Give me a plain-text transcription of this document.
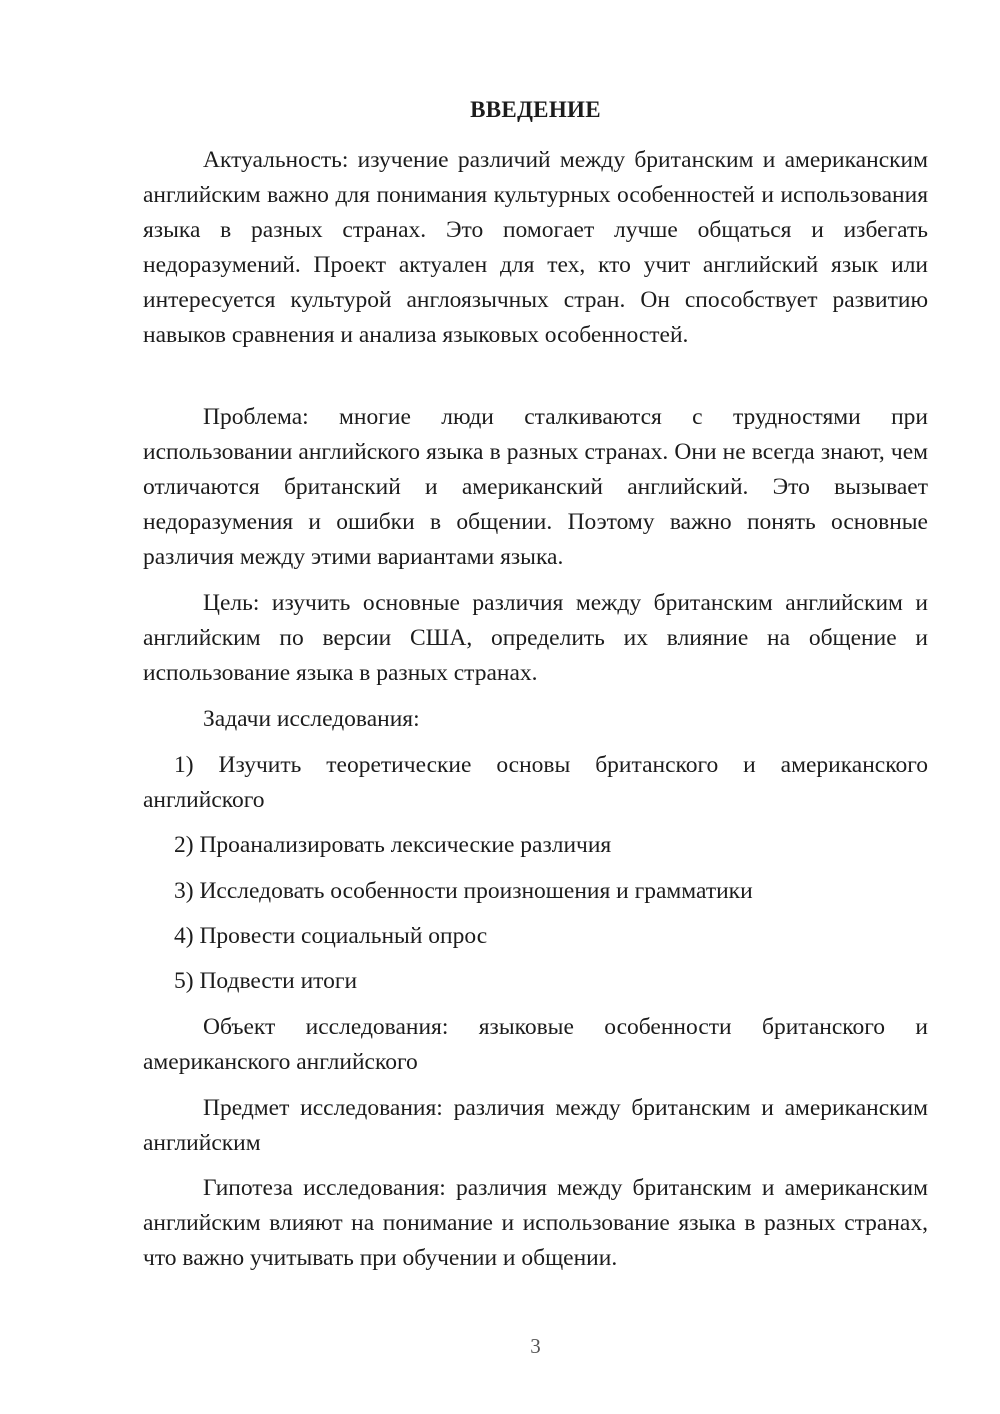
ВВЕДЕНИЕ

Актуальность: изучение различий между британским и американским английским важно для понимания культурных особенностей и использования языка в разных странах. Это помогает лучше общаться и избегать недоразумений. Проект актуален для тех, кто учит английский язык или интересуется культурой англоязычных стран. Он способствует развитию навыков сравнения и анализа языковых особенностей.

Проблема: многие люди сталкиваются с трудностями при использовании английского языка в разных странах. Они не всегда знают, чем отличаются британский и американский английский. Это вызывает недоразумения и ошибки в общении. Поэтому важно понять основные различия между этими вариантами языка.

Цель: изучить основные различия между британским английским и английским по версии США, определить их влияние на общение и использование языка в разных странах.

Задачи исследования:

1) Изучить теоретические основы британского и американского английского

2) Проанализировать лексические различия

3) Исследовать особенности произношения и грамматики

4) Провести социальный опрос

5) Подвести итоги

Объект исследования: языковые особенности британского и американского английского

Предмет исследования: различия между британским и американским английским

Гипотеза исследования: различия между британским и американским английским влияют на понимание и использование языка в разных странах, что важно учитывать при обучении и общении.

3
